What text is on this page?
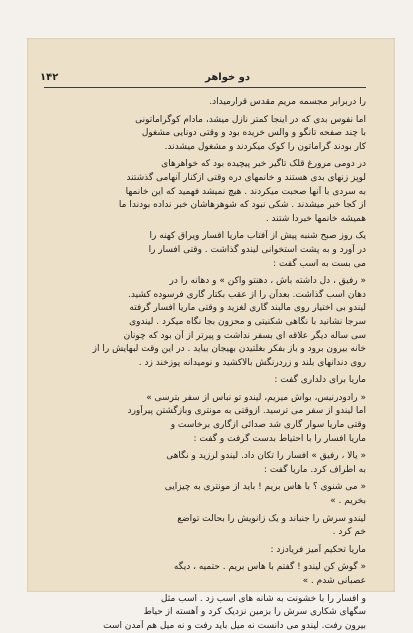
دو خواهر
۱۴۲
را دربرابر مجسمه مریم مقدس قرارمیداد.
اما نفوس بدی که در اینجا کمتر نازل میشد، مادام کوگراماتونی
با چند صفحه تانگو و والس خریده بود و وقتی دونایی مشغول
کار بودند گراماتون را کوک میکردند و مشغول میشدند.
در دومی مرورغ قلک تاگیر خبر پیچیده بود که خواهرهای
لوپز زنهای بدی هستند و خانمهای دره وقتی ازکنار آنهامی گذشتند
به سردی با آنها صحبت میکردند . هیچ نمیشد فهمید که این خانمها
از کجا خبر میشدند . شکی نبود که شوهرهاشان خبر نداده بودندا ما
همیشه خانمها خبردا شتند .
یک روز صبح شنبه پیش از آفتاب ماریا افسار ویراق کهنه را
در آورد و به پشت استخوانی لیندو گذاشت . وقتی افسار را
می بست به اسب گفت :
« رفیق ، دل داشته باش ، دهنتو واکن » و دهانه را در
دهان اسب گذاشت. بعدآن را از عقب بکتار گاری فرسوده کشید.
لیندو بی اختیار روی مالبند گاری لغزید و وقتی ماریا افسار گرفته
سرجا نشانید با نگاهی شکنیتی و محزون بجا نگاه میکرد . لیندوی
سی ساله دیگر علاقه ای بسفر نداشت و پیرتر از آن بود که چونان
خانه بیرون برود و باز بفکر بغلتیدن بهیجان بیاید . در این وقت لبهایش را از
روی دندانهای بلند و زردرنگش بالاکشید و نومیدانه پوزخند زد .
ماریا برای دلداری گفت :
« رادودرنیس، بواش میریم، لیندو تو نباس از سفر بترسی »
اما لیندو از سفر می ترسید. ازوقتی به مونتری وبازگشتن پیرآورد
وقتی ماریا سوار گاری شد صدائی ازگاری برخاست و
ماریا افسار را با احتیاط بدست گرفت و گفت :
« یالا ، رفیق » افسار را تکان داد. لیندو لرزید و نگاهی
به اطراف کرد. ماریا گفت :
« می شنوی ؟ با هاس بریم ! باید از مونتری به چیزایی
بخریم . »
لیندو سرش را جنباند و یک زانویش را بحالت تواضع
خم کرد .
ماریا تحکیم آمیز فریادزد :
« گوش کن لیندو ! گفتم با هاس بریم . حتمیه ، دیگه
عصبانی شدم . »
و افسار را با خشونت به شانه های اسب زد . اسب مثل
سگهای شکاری سرش را بزمین نزدیک کرد و آهسته از حیاط
بیرون رفت. لیندو می دانست نه میل باید رفت و نه میل هم آمدن است
